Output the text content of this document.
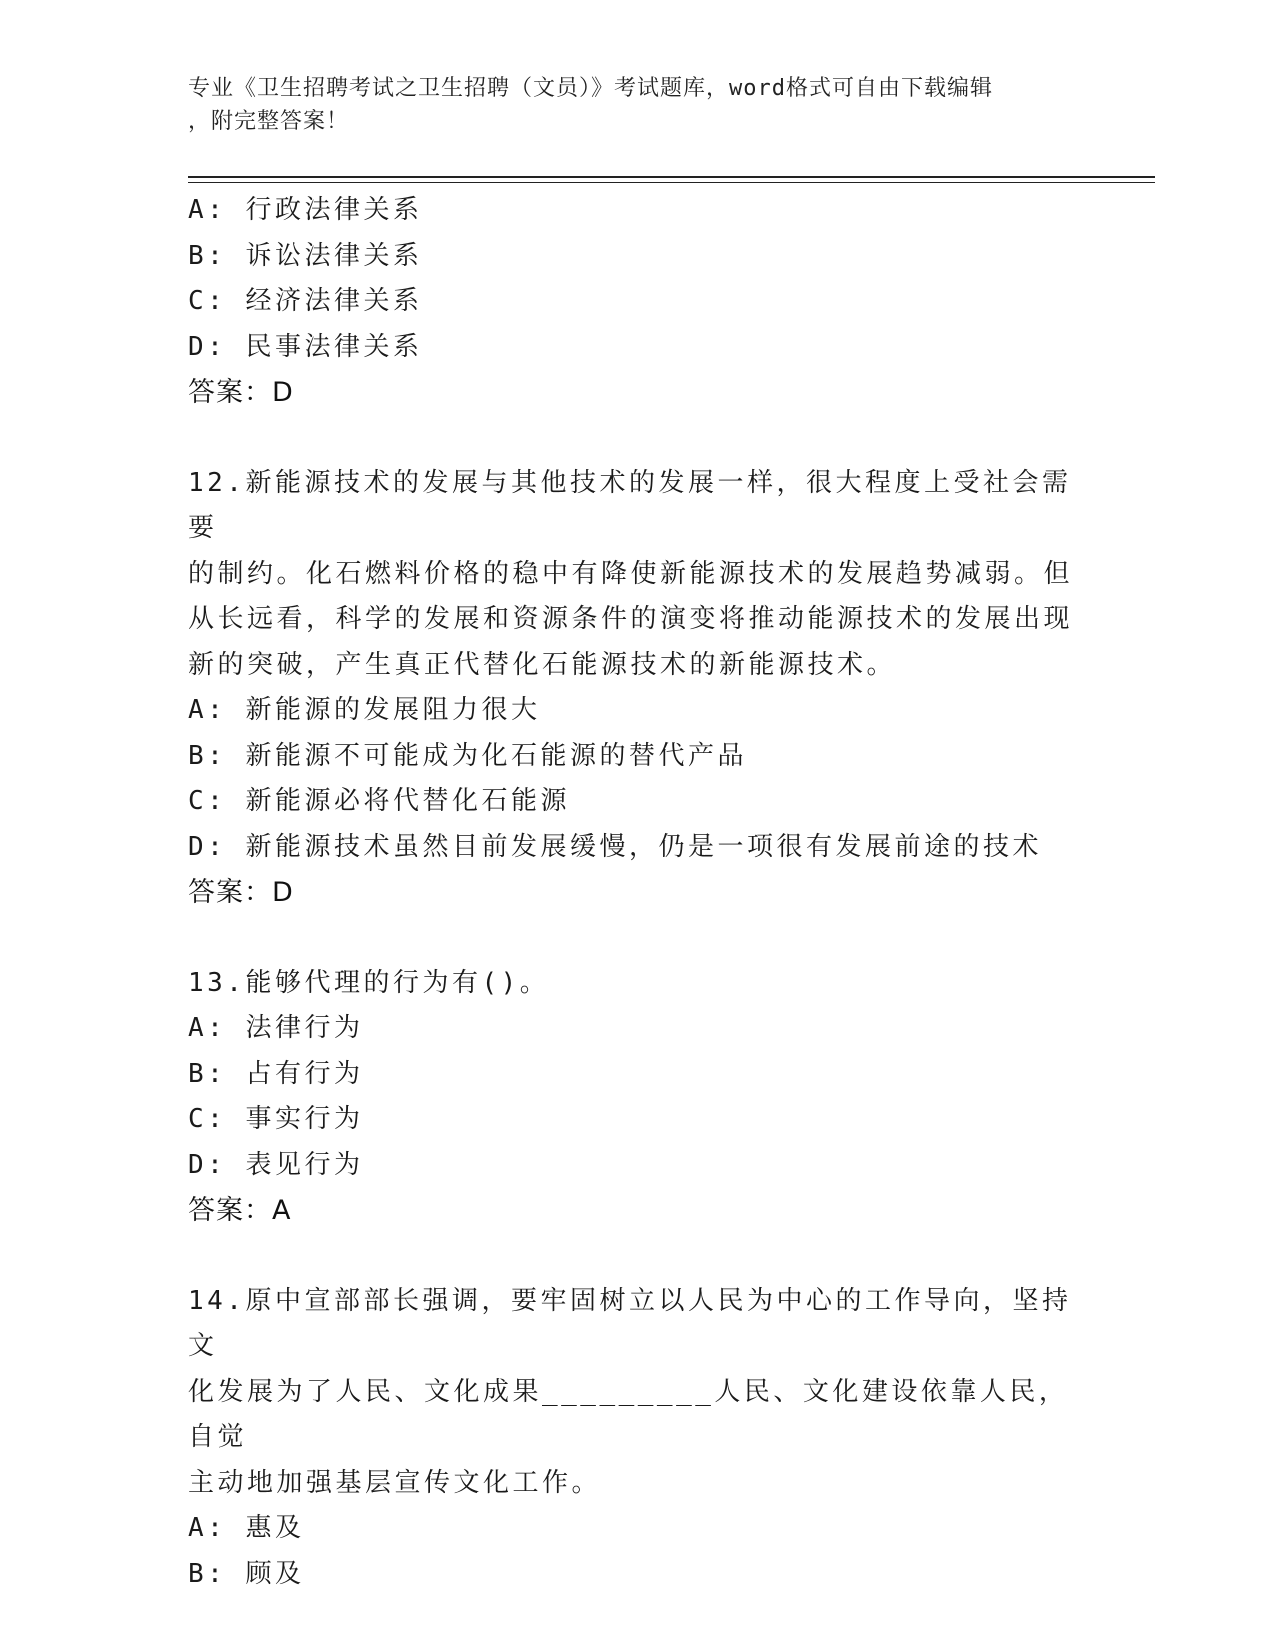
专业《卫生招聘考试之卫生招聘（文员）》考试题库，word格式可自由下载编辑
，附完整答案！
A: 行政法律关系
B: 诉讼法律关系
C: 经济法律关系
D: 民事法律关系
答案：D
12.新能源技术的发展与其他技术的发展一样，很大程度上受社会需要
的制约。化石燃料价格的稳中有降使新能源技术的发展趋势减弱。但
从长远看，科学的发展和资源条件的演变将推动能源技术的发展出现
新的突破，产生真正代替化石能源技术的新能源技术。
A: 新能源的发展阻力很大
B: 新能源不可能成为化石能源的替代产品
C: 新能源必将代替化石能源
D: 新能源技术虽然目前发展缓慢，仍是一项很有发展前途的技术
答案：D
13.能够代理的行为有()。
A: 法律行为
B: 占有行为
C: 事实行为
D: 表见行为
答案：A
14.原中宣部部长强调，要牢固树立以人民为中心的工作导向，坚持文
化发展为了人民、文化成果_________人民、文化建设依靠人民，自觉
主动地加强基层宣传文化工作。
A: 惠及
B: 顾及
